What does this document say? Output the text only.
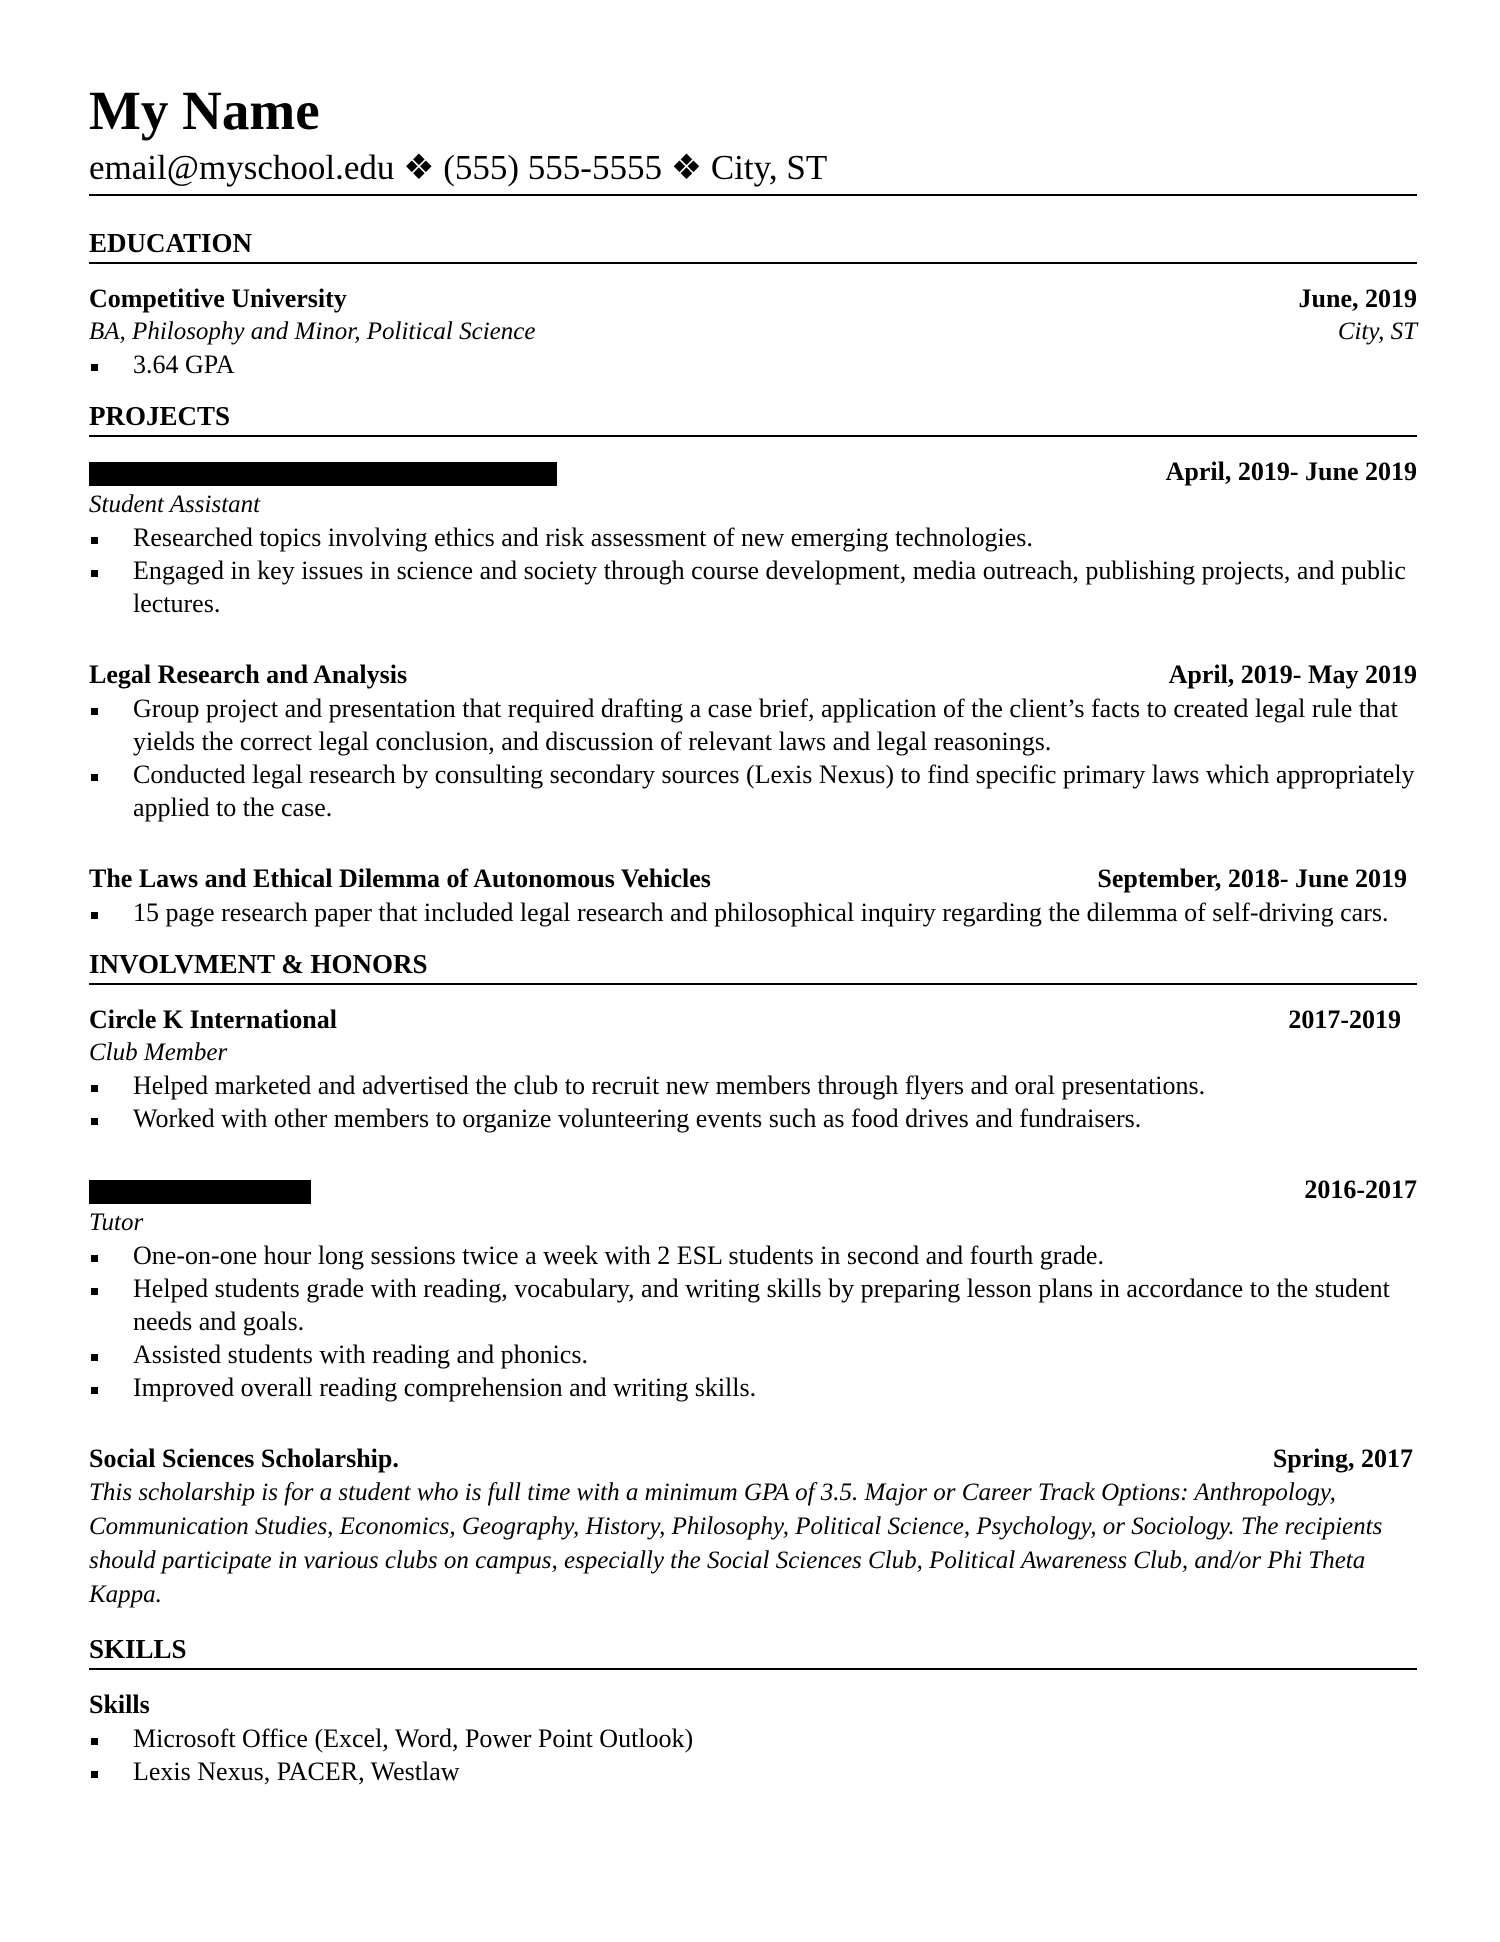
My Name
email@myschool.edu ❖ (555) 555-5555 ❖ City, ST
EDUCATION
Competitive University	June, 2019
BA, Philosophy and Minor, Political Science	City, ST
3.64 GPA
PROJECTS
April, 2019- June 2019
Student Assistant
Researched topics involving ethics and risk assessment of new emerging technologies.
Engaged in key issues in science and society through course development, media outreach, publishing projects, and public lectures.
Legal Research and Analysis	April, 2019- May 2019
Group project and presentation that required drafting a case brief, application of the client’s facts to created legal rule that yields the correct legal conclusion, and discussion of relevant laws and legal reasonings.
Conducted legal research by consulting secondary sources (Lexis Nexus) to find specific primary laws which appropriately applied to the case.
The Laws and Ethical Dilemma of Autonomous Vehicles	September, 2018- June 2019
15 page research paper that included legal research and philosophical inquiry regarding the dilemma of self-driving cars.
INVOLVMENT & HONORS
Circle K International	2017-2019
Club Member
Helped marketed and advertised the club to recruit new members through flyers and oral presentations.
Worked with other members to organize volunteering events such as food drives and fundraisers.
2016-2017
Tutor
One-on-one hour long sessions twice a week with 2 ESL students in second and fourth grade.
Helped students grade with reading, vocabulary, and writing skills by preparing lesson plans in accordance to the student needs and goals.
Assisted students with reading and phonics.
Improved overall reading comprehension and writing skills.
Social Sciences Scholarship.	Spring, 2017
This scholarship is for a student who is full time with a minimum GPA of 3.5. Major or Career Track Options: Anthropology, Communication Studies, Economics, Geography, History, Philosophy, Political Science, Psychology, or Sociology. The recipients should participate in various clubs on campus, especially the Social Sciences Club, Political Awareness Club, and/or Phi Theta Kappa.
SKILLS
Skills
Microsoft Office (Excel, Word, Power Point Outlook)
Lexis Nexus, PACER, Westlaw
